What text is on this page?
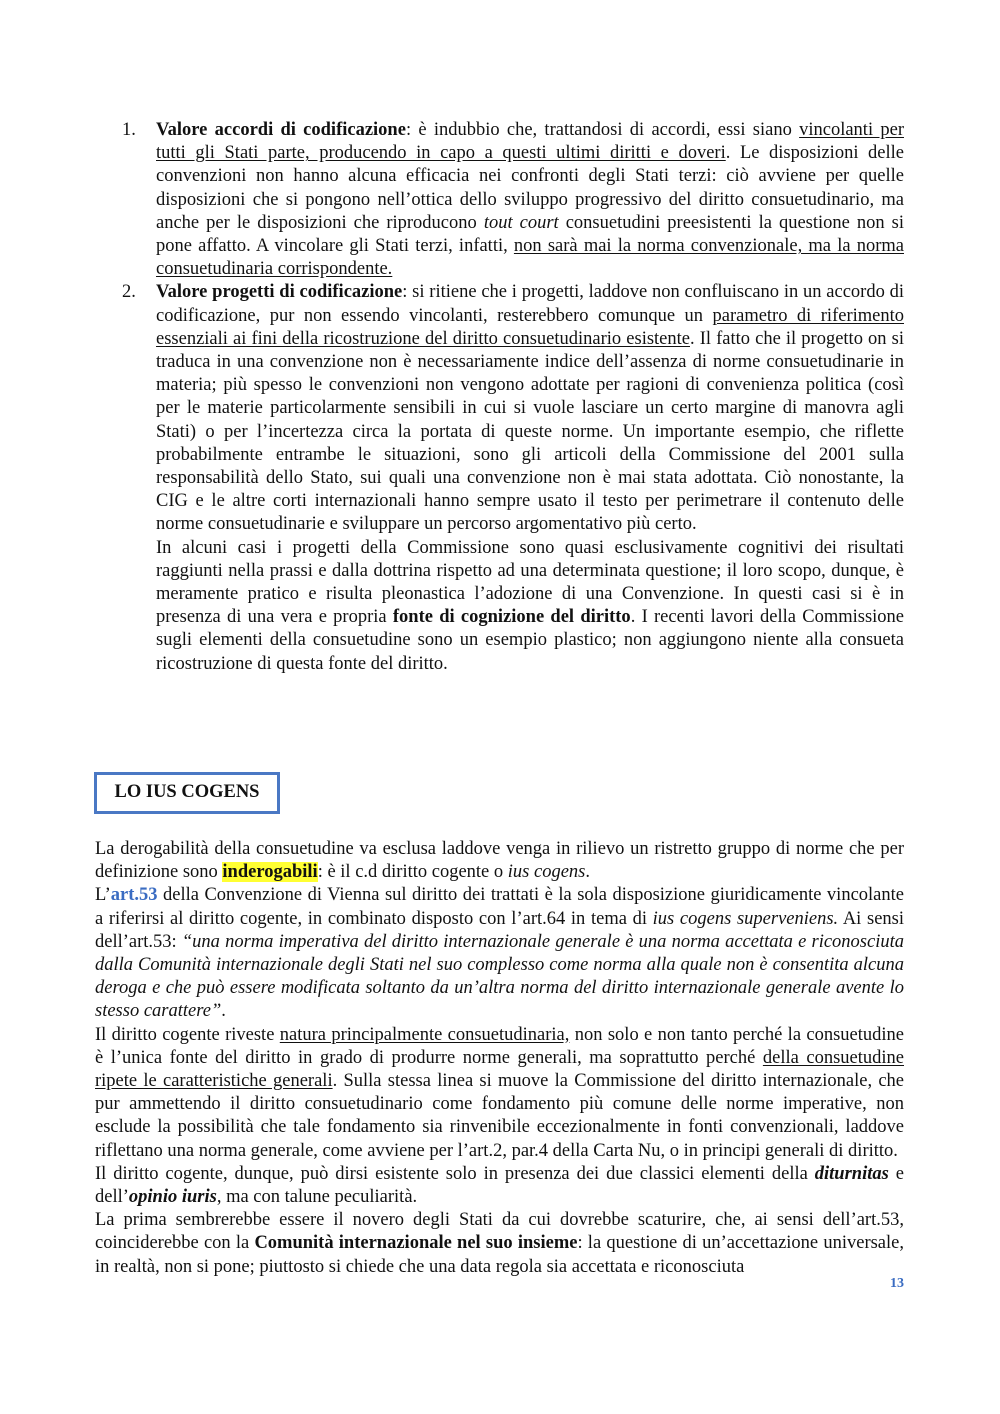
1. Valore accordi di codificazione: è indubbio che, trattandosi di accordi, essi siano vincolanti per tutti gli Stati parte, producendo in capo a questi ultimi diritti e doveri. Le disposizioni delle convenzioni non hanno alcuna efficacia nei confronti degli Stati terzi: ciò avviene per quelle disposizioni che si pongono nell’ottica dello sviluppo progressivo del diritto consuetudinario, ma anche per le disposizioni che riproducono tout court consuetudini preesistenti la questione non si pone affatto. A vincolare gli Stati terzi, infatti, non sarà mai la norma convenzionale, ma la norma consuetudinaria corrispondente.

2. Valore progetti di codificazione: si ritiene che i progetti, laddove non confluiscano in un accordo di codificazione, pur non essendo vincolanti, resterebbero comunque un parametro di riferimento essenziali ai fini della ricostruzione del diritto consuetudinario esistente. Il fatto che il progetto on si traduca in una convenzione non è necessariamente indice dell’assenza di norme consuetudinarie in materia; più spesso le convenzioni non vengono adottate per ragioni di convenienza politica (così per le materie particolarmente sensibili in cui si vuole lasciare un certo margine di manovra agli Stati) o per l’incertezza circa la portata di queste norme. Un importante esempio, che riflette probabilmente entrambe le situazioni, sono gli articoli della Commissione del 2001 sulla responsabilità dello Stato, sui quali una convenzione non è mai stata adottata. Ciò nonostante, la CIG e le altre corti internazionali hanno sempre usato il testo per perimetrare il contenuto delle norme consuetudinarie e sviluppare un percorso argomentativo più certo.

In alcuni casi i progetti della Commissione sono quasi esclusivamente cognitivi dei risultati raggiunti nella prassi e dalla dottrina rispetto ad una determinata questione; il loro scopo, dunque, è meramente pratico e risulta pleonastica l’adozione di una Convenzione. In questi casi si è in presenza di una vera e propria fonte di cognizione del diritto. I recenti lavori della Commissione sugli elementi della consuetudine sono un esempio plastico; non aggiungono niente alla consueta ricostruzione di questa fonte del diritto.

LO IUS COGENS

La derogabilità della consuetudine va esclusa laddove venga in rilievo un ristretto gruppo di norme che per definizione sono inderogabili: è il c.d diritto cogente o ius cogens.

L’art.53 della Convenzione di Vienna sul diritto dei trattati è la sola disposizione giuridicamente vincolante a riferirsi al diritto cogente, in combinato disposto con l’art.64 in tema di ius cogens superveniens. Ai sensi dell’art.53: “una norma imperativa del diritto internazionale generale è una norma accettata e riconosciuta dalla Comunità internazionale degli Stati nel suo complesso come norma alla quale non è consentita alcuna deroga e che può essere modificata soltanto da un’altra norma del diritto internazionale generale avente lo stesso carattere”.

Il diritto cogente riveste natura principalmente consuetudinaria, non solo e non tanto perché la consuetudine è l’unica fonte del diritto in grado di produrre norme generali, ma soprattutto perché della consuetudine ripete le caratteristiche generali. Sulla stessa linea si muove la Commissione del diritto internazionale, che pur ammettendo il diritto consuetudinario come fondamento più comune delle norme imperative, non esclude la possibilità che tale fondamento sia rinvenibile eccezionalmente in fonti convenzionali, laddove riflettano una norma generale, come avviene per l’art.2, par.4 della Carta Nu, o in principi generali di diritto.

Il diritto cogente, dunque, può dirsi esistente solo in presenza dei due classici elementi della diturnitas e dell’opinio iuris, ma con talune peculiarità.

La prima sembrerebbe essere il novero degli Stati da cui dovrebbe scaturire, che, ai sensi dell’art.53, coinciderebbe con la Comunità internazionale nel suo insieme: la questione di un’accettazione universale, in realtà, non si pone; piuttosto si chiede che una data regola sia accettata e riconosciuta

13
